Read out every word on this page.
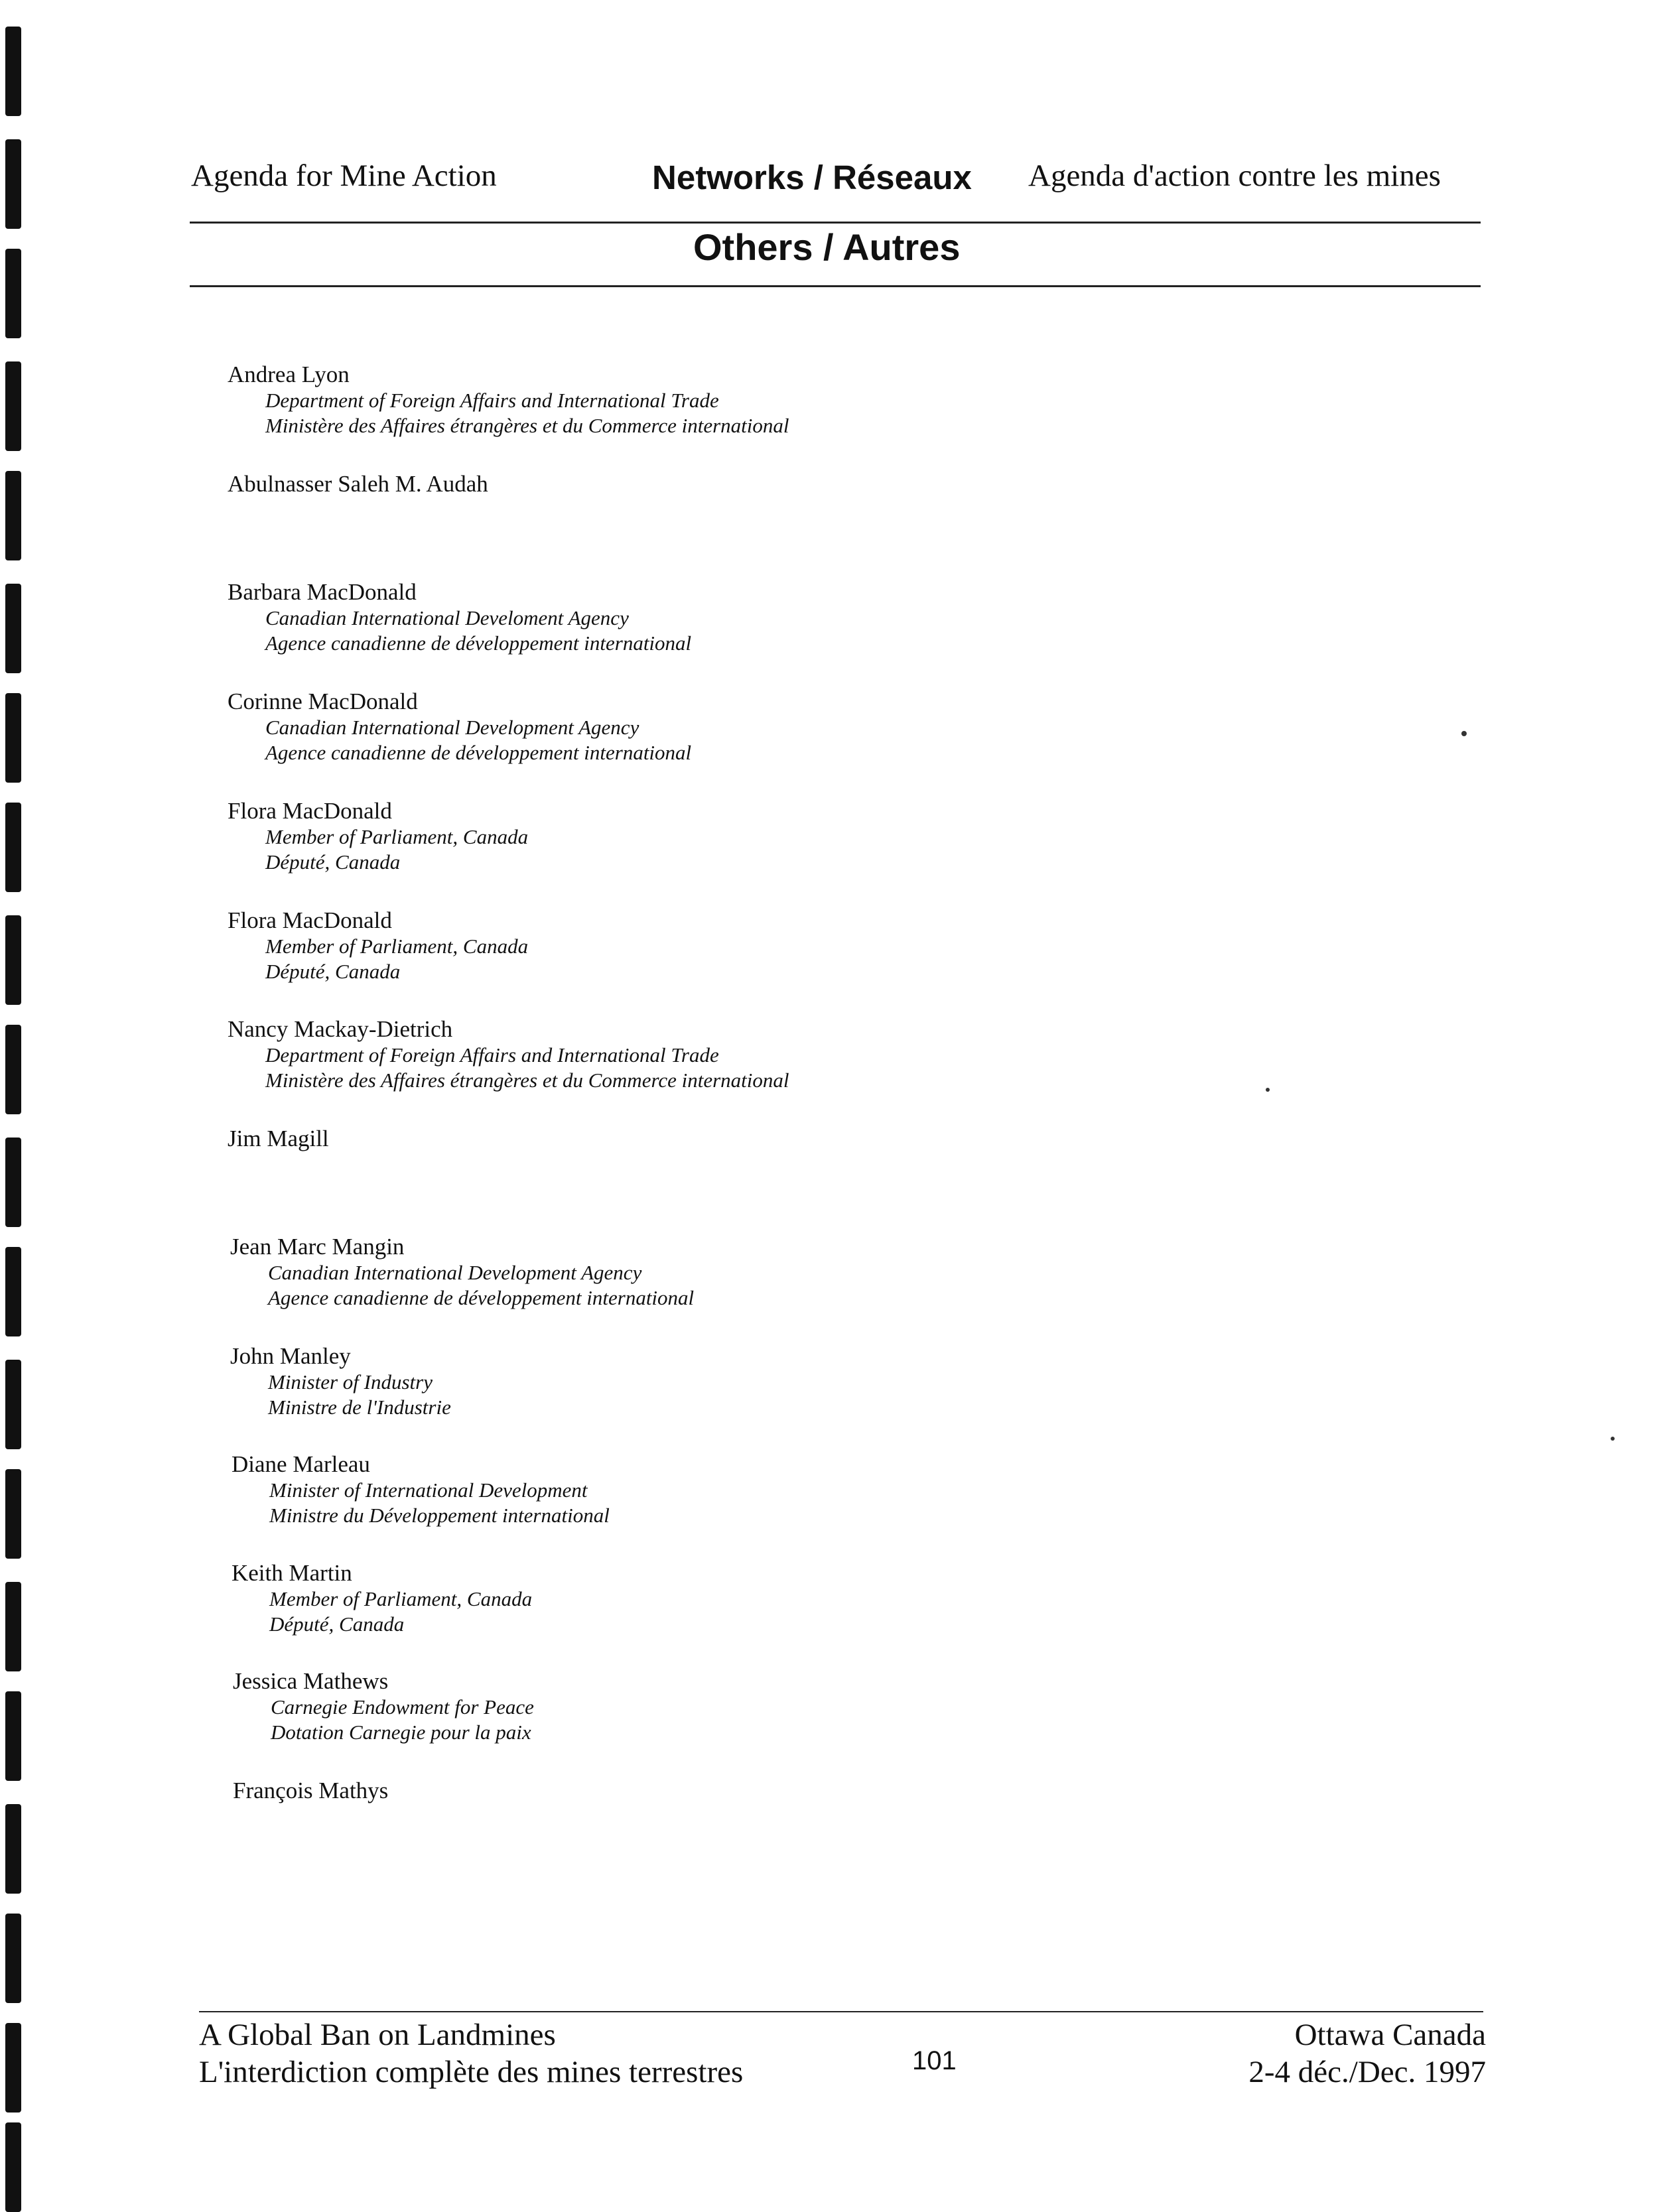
Agenda for Mine Action	Networks / Réseaux Agenda d'action contre les mines
Others / Autres
Andrea Lyon
Department of Foreign Affairs and International Trade
Ministère des Affaires étrangères et du Commerce international
Abulnasser Saleh M. Audah
Barbara MacDonald
Canadian International Develoment Agency
Agence canadienne de développement international
Corinne MacDonald
Canadian International Development Agency
Agence canadienne de développement international
Flora MacDonald
Member of Parliament, Canada
Député, Canada
Flora MacDonald
Member of Parliament, Canada
Député, Canada
Nancy Mackay-Dietrich
Department of Foreign Affairs and International Trade
Ministère des Affaires étrangères et du Commerce international
Jim Magill
Jean Marc Mangin
Canadian International Development Agency
Agence canadienne de développement international
John Manley
Minister of Industry
Ministre de l'Industrie
Diane Marleau
Minister of International Development
Ministre du Développement international
Keith Martin
Member of Parliament, Canada
Député, Canada
Jessica Mathews
Carnegie Endowment for Peace
Dotation Carnegie pour la paix
François Mathys
A Global Ban on Landmines
L'interdiction complète des mines terrestres	101
Ottawa Canada
2-4 déc./Dec. 1997
